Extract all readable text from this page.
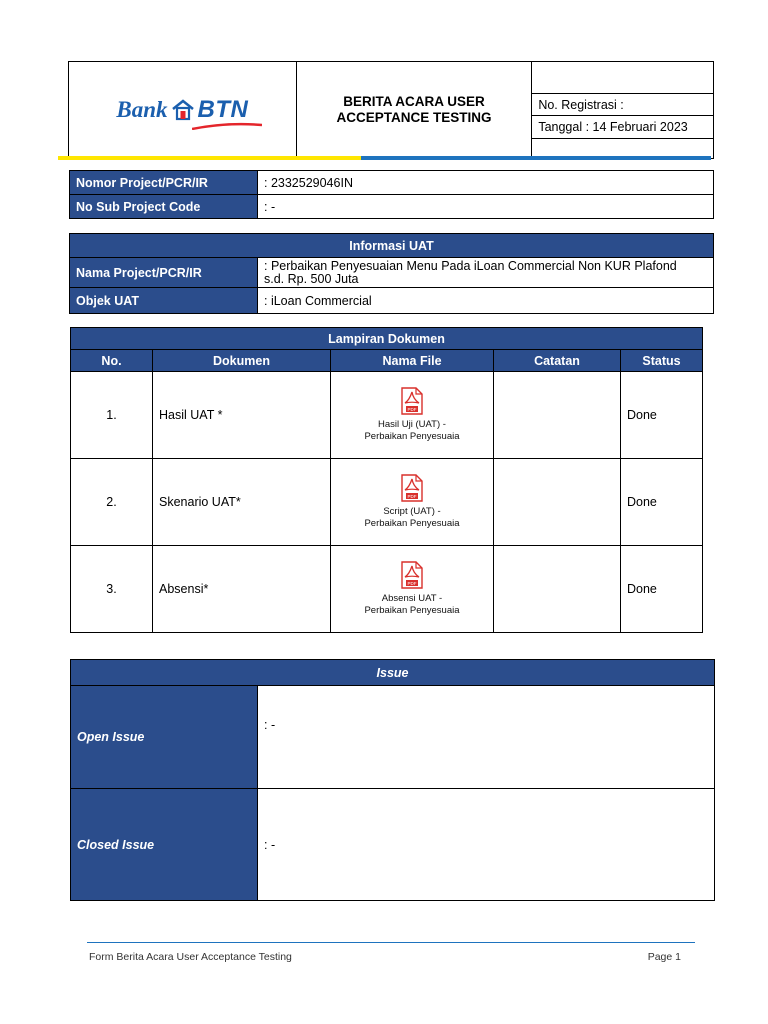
Bank BTN	BERITA ACARA USER
ACCEPTANCE TESTING

No. Registrasi :

Tanggal : 14 Februari 2023
Nomor Project/PCR/IR	: 2332529046IN
No Sub Project Code	: -
Informasi UAT	
Nama Project/PCR/IR	: Perbaikan Penyesuaian Menu Pada iLoan Commercial Non KUR Plafond
s.d. Rp. 500 Juta

Objek UAT	: iLoan Commercial
Lampiran Dokumen				
No.	Dokumen	Nama File	Catatan	Status
1.	Hasil UAT *	PDF
Hasil Uji (UAT) -
Perbaikan Penyesuaia		Done
2.	Skenario UAT*	PDF
Script (UAT) -
Perbaikan Penyesuaia		Done
3.	Absensi*	PDF
Absensi UAT -
Perbaikan Penyesuaia		Done
Issue	
Open Issue	: -
Closed Issue	: -
Form Berita Acara User Acceptance Testing	Page 1
